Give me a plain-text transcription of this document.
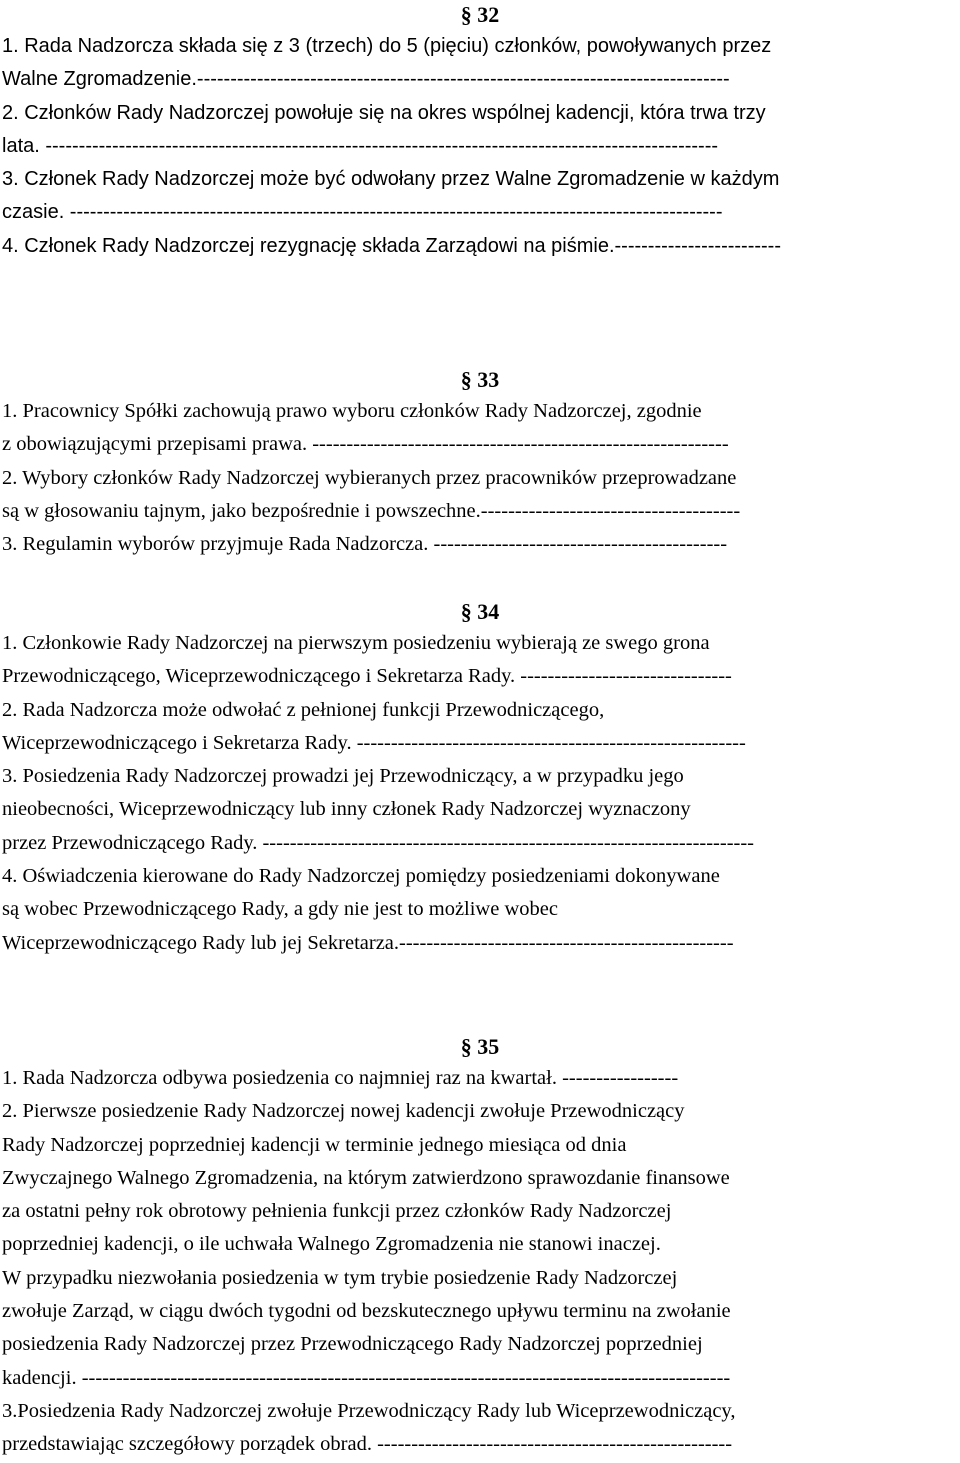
§ 32
1. Rada Nadzorcza składa się z 3 (trzech) do 5 (pięciu) członków, powoływanych przez
Walne Zgromadzenie.--------------------------------------------------------------------------------
2. Członków Rady Nadzorczej powołuje się na okres wspólnej kadencji, która trwa trzy
lata. -----------------------------------------------------------------------------------------------------
3. Członek Rady Nadzorczej może być odwołany przez Walne Zgromadzenie w każdym
czasie. --------------------------------------------------------------------------------------------------
4. Członek Rady Nadzorczej rezygnację składa Zarządowi na piśmie.-------------------------
§ 33
1. Pracownicy Spółki zachowują prawo wyboru członków Rady Nadzorczej, zgodnie
z obowiązującymi przepisami prawa. -------------------------------------------------------------
2. Wybory członków Rady Nadzorczej wybieranych przez pracowników przeprowadzane
są w głosowaniu tajnym, jako bezpośrednie i powszechne.--------------------------------------
3. Regulamin wyborów przyjmuje Rada Nadzorcza. -------------------------------------------
§ 34
1. Członkowie Rady Nadzorczej na pierwszym posiedzeniu wybierają ze swego grona
Przewodniczącego, Wiceprzewodniczącego i Sekretarza Rady. -------------------------------
2. Rada Nadzorcza może odwołać z pełnionej funkcji Przewodniczącego,
Wiceprzewodniczącego i Sekretarza Rady. ---------------------------------------------------------
3. Posiedzenia Rady Nadzorczej prowadzi jej Przewodniczący, a w przypadku jego
nieobecności, Wiceprzewodniczący lub inny członek Rady Nadzorczej wyznaczony
przez Przewodniczącego Rady. ------------------------------------------------------------------------
4. Oświadczenia kierowane do Rady Nadzorczej pomiędzy posiedzeniami dokonywane
są wobec Przewodniczącego Rady, a gdy nie jest to możliwe wobec
Wiceprzewodniczącego Rady lub jej Sekretarza.-------------------------------------------------
§ 35
1. Rada Nadzorcza odbywa posiedzenia co najmniej raz na kwartał. -----------------
2. Pierwsze posiedzenie Rady Nadzorczej nowej kadencji zwołuje Przewodniczący
Rady Nadzorczej poprzedniej kadencji w terminie jednego miesiąca od dnia
Zwyczajnego Walnego Zgromadzenia, na którym zatwierdzono sprawozdanie finansowe
za ostatni pełny rok obrotowy pełnienia funkcji przez członków Rady Nadzorczej
poprzedniej kadencji, o ile uchwała Walnego Zgromadzenia nie stanowi inaczej.
W przypadku niezwołania posiedzenia w tym trybie posiedzenie Rady Nadzorczej
zwołuje Zarząd, w ciągu dwóch tygodni od bezskutecznego upływu terminu na zwołanie
posiedzenia Rady Nadzorczej przez Przewodniczącego Rady Nadzorczej poprzedniej
kadencji. -----------------------------------------------------------------------------------------------
3.Posiedzenia Rady Nadzorczej zwołuje Przewodniczący Rady lub Wiceprzewodniczący,
przedstawiając szczegółowy porządek obrad. ----------------------------------------------------
